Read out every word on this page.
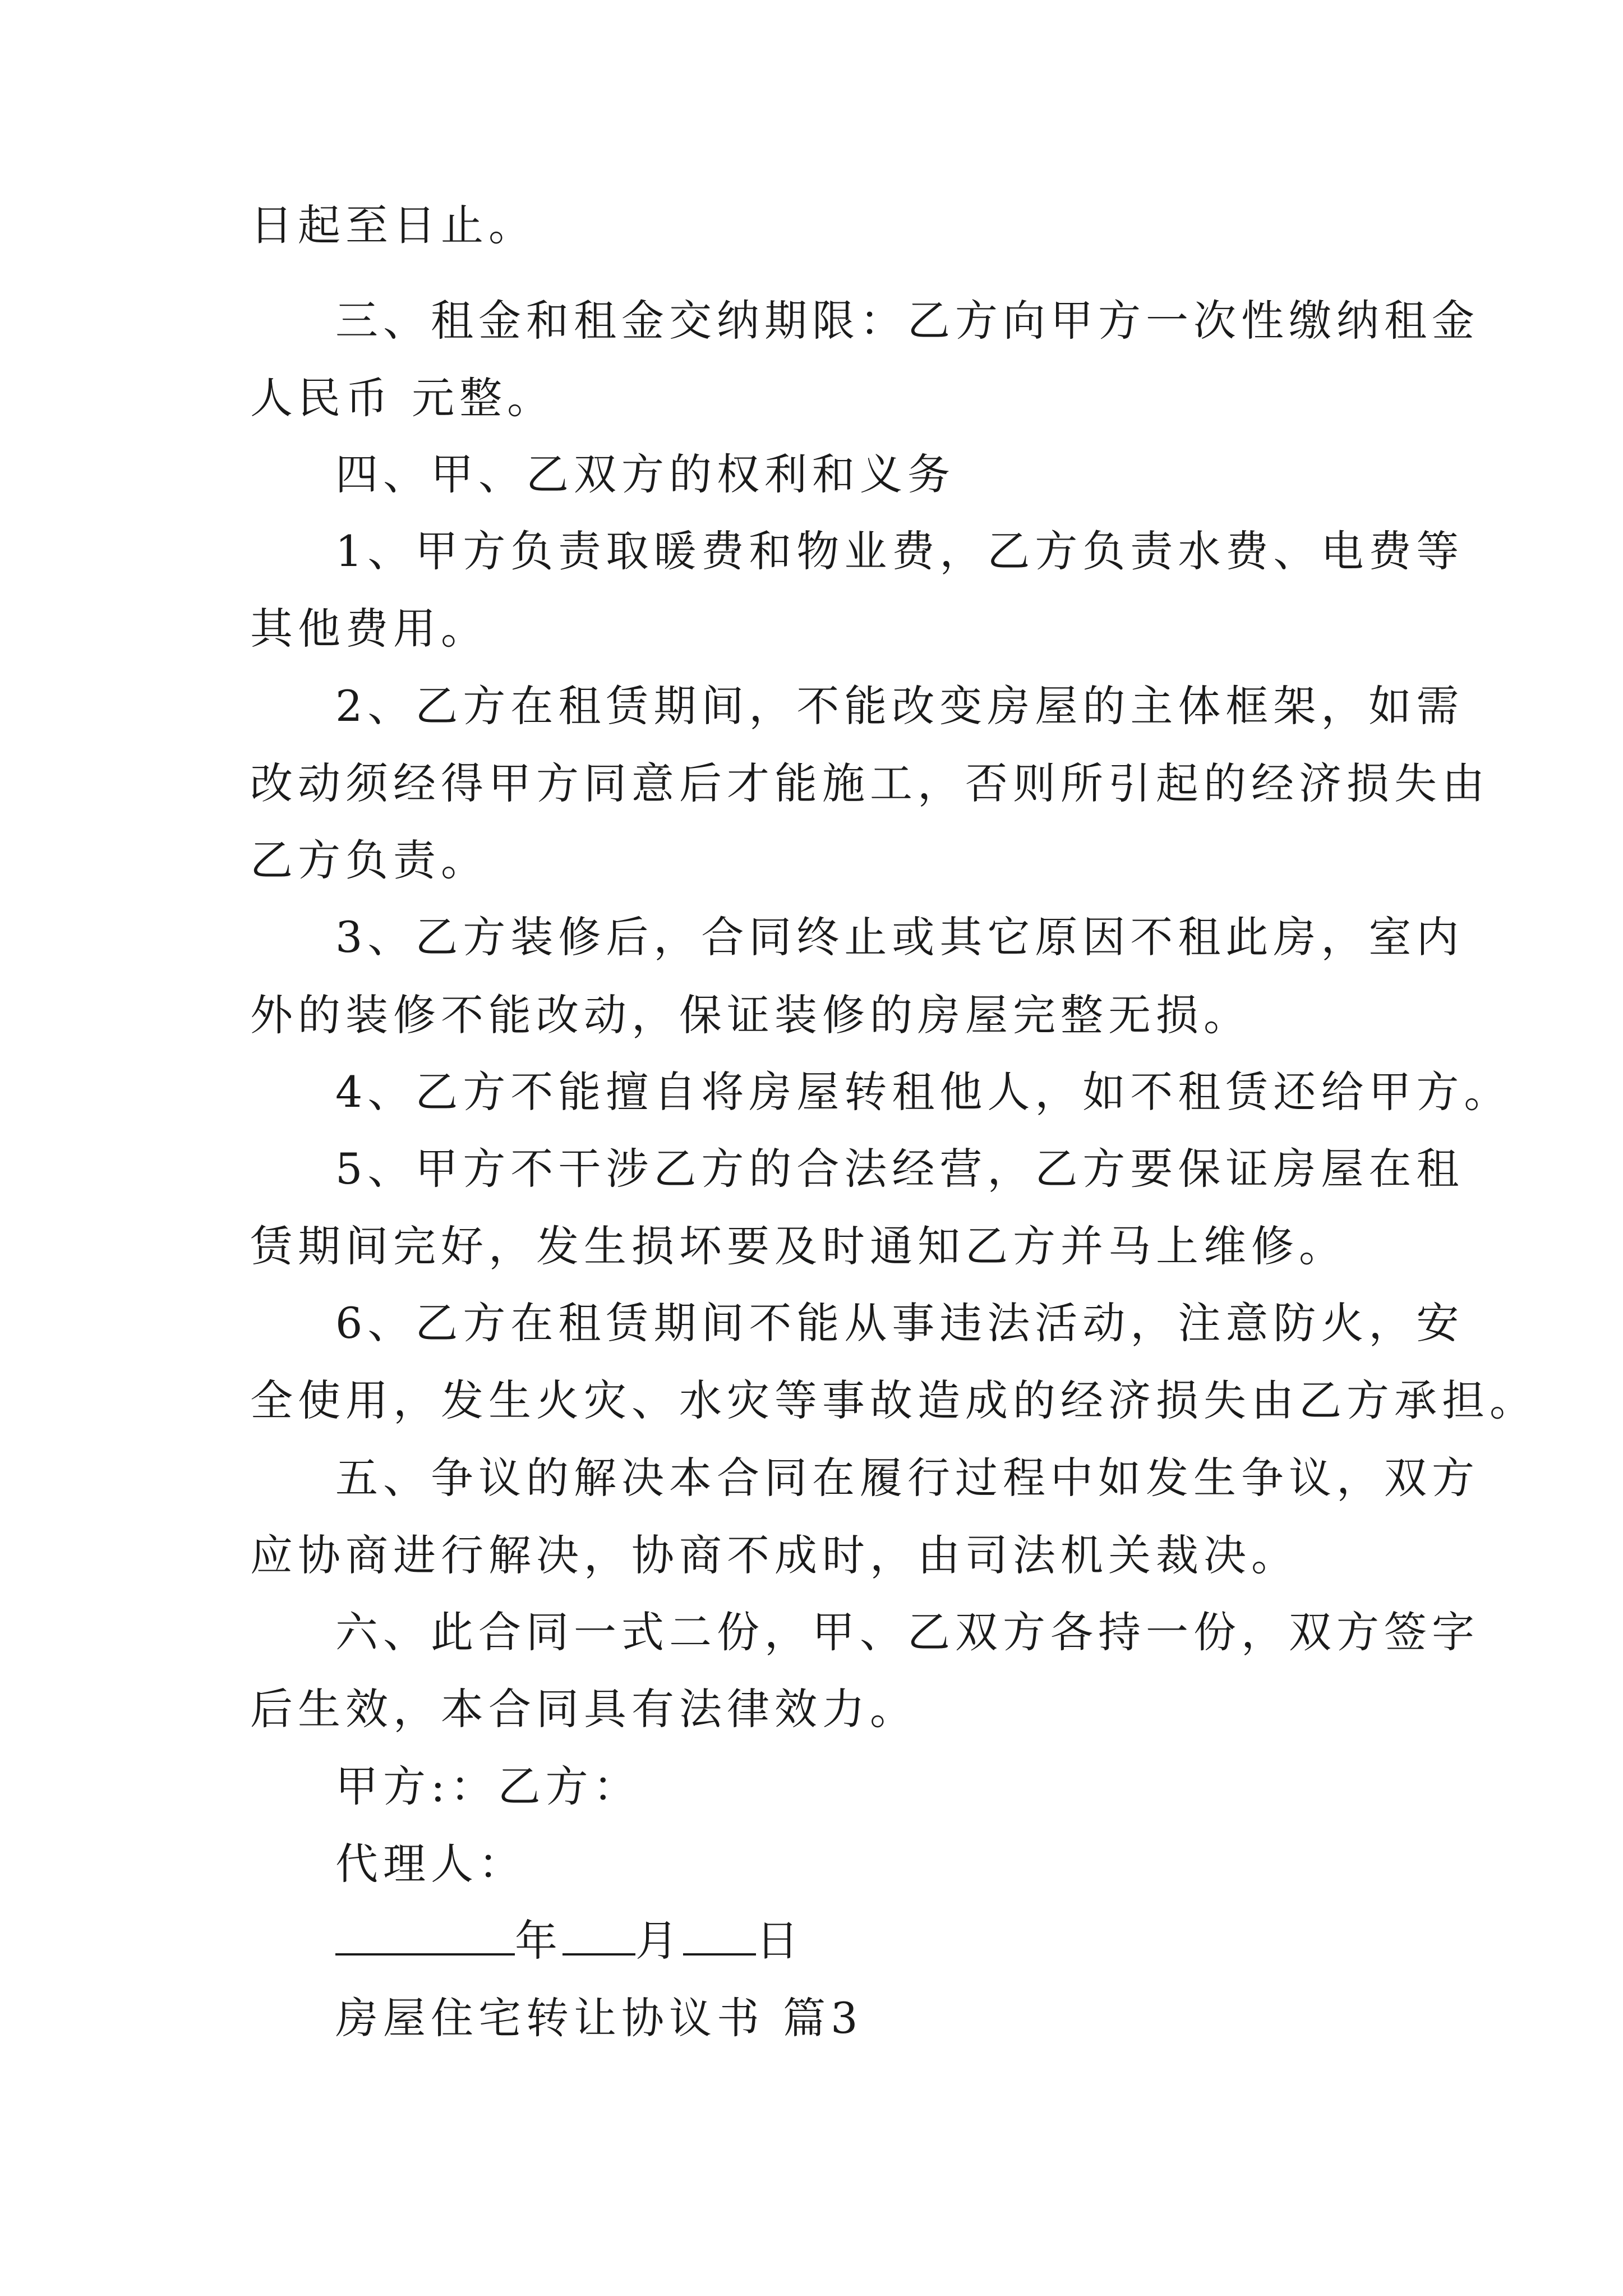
日起至日止。

三、租金和租金交纳期限：乙方向甲方一次性缴纳租金

人民币 元整。

四、甲、乙双方的权利和义务

1、甲方负责取暖费和物业费，乙方负责水费、电费等

其他费用。

2、乙方在租赁期间，不能改变房屋的主体框架，如需

改动须经得甲方同意后才能施工，否则所引起的经济损失由

乙方负责。

3、乙方装修后，合同终止或其它原因不租此房，室内

外的装修不能改动，保证装修的房屋完整无损。

4、乙方不能擅自将房屋转租他人，如不租赁还给甲方。

5、甲方不干涉乙方的合法经营，乙方要保证房屋在租

赁期间完好，发生损坏要及时通知乙方并马上维修。

6、乙方在租赁期间不能从事违法活动，注意防火，安

全使用，发生火灾、水灾等事故造成的经济损失由乙方承担。

五、争议的解决本合同在履行过程中如发生争议，双方

应协商进行解决，协商不成时，由司法机关裁决。

六、此合同一式二份，甲、乙双方各持一份，双方签字

后生效，本合同具有法律效力。

甲方:：乙方：

代理人：

年 月 日

房屋住宅转让协议书 篇3
